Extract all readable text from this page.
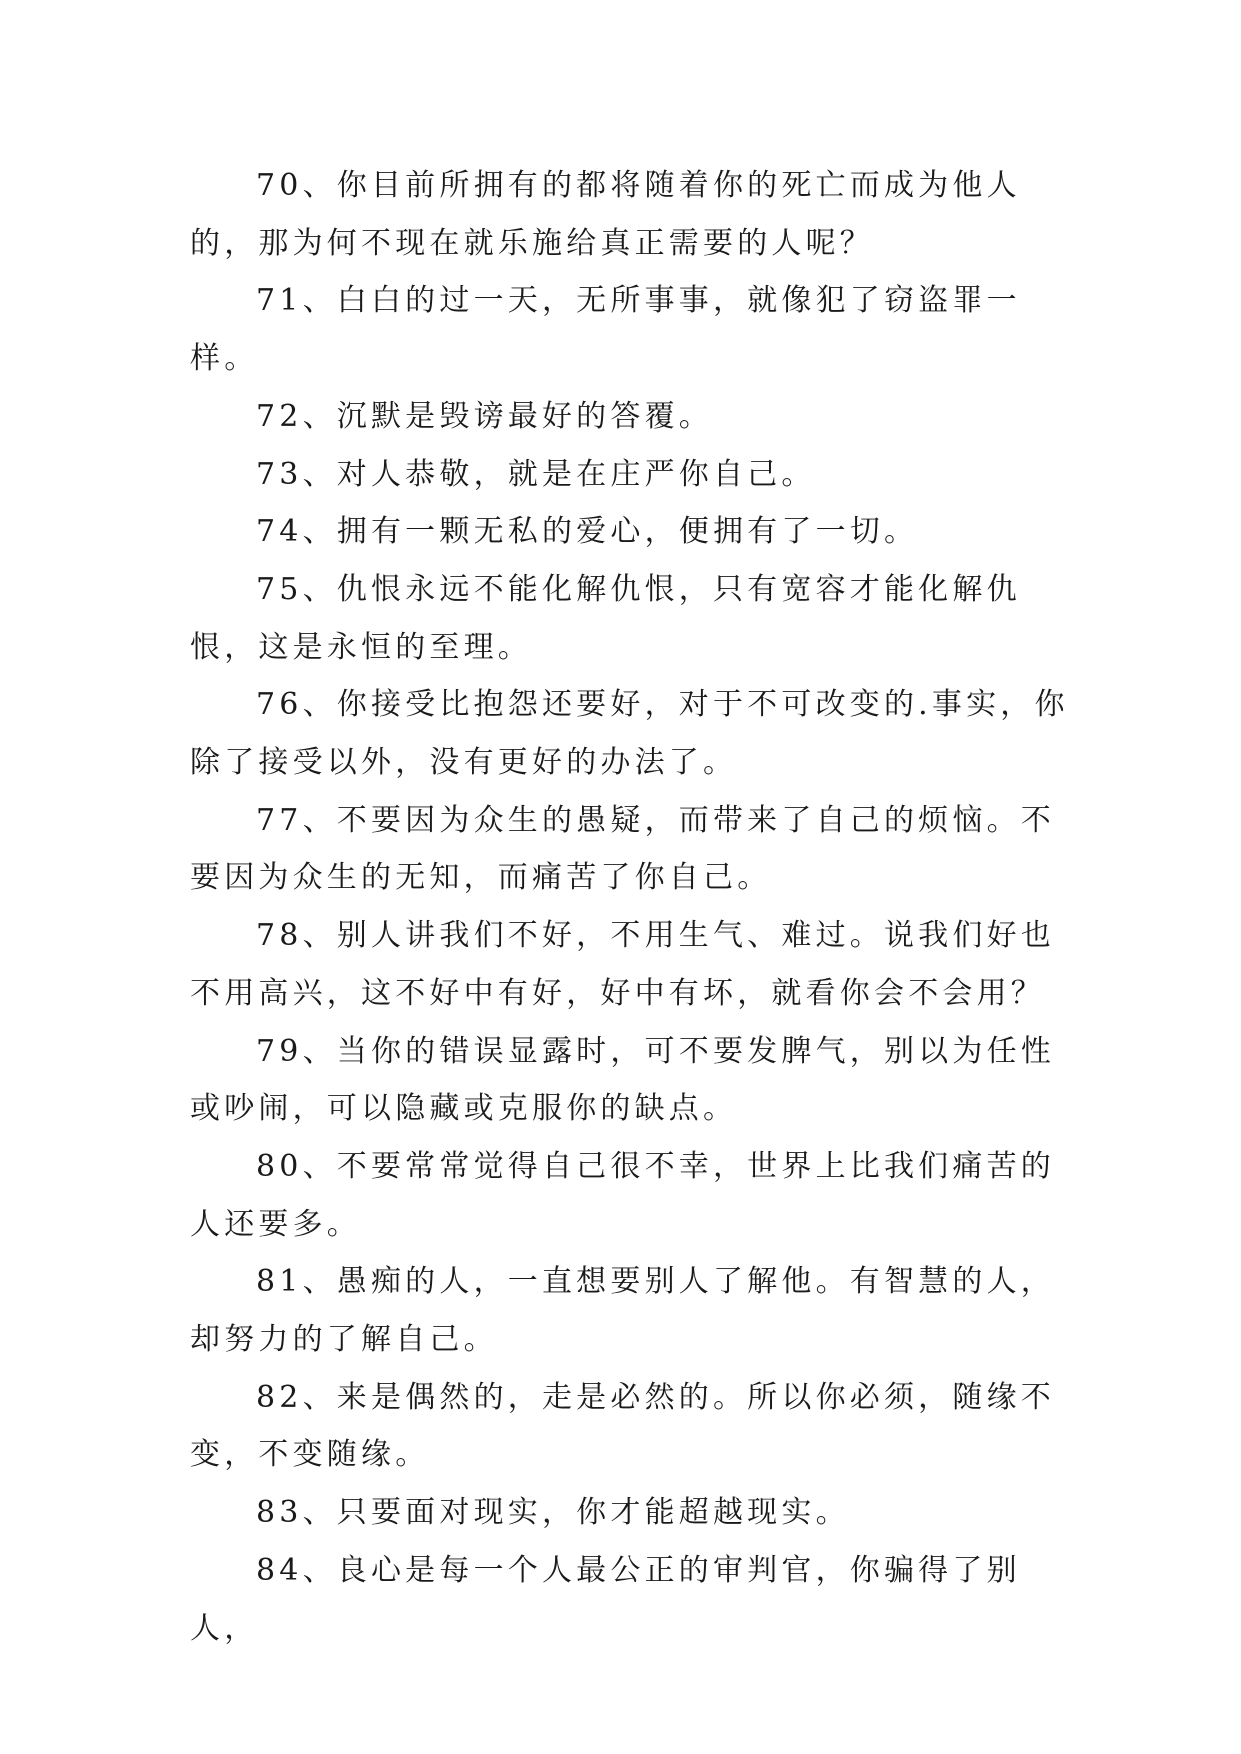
70、你目前所拥有的都将随着你的死亡而成为他人的，那为何不现在就乐施给真正需要的人呢？

71、白白的过一天，无所事事，就像犯了窃盗罪一样。

72、沉默是毁谤最好的答覆。

73、对人恭敬，就是在庄严你自己。

74、拥有一颗无私的爱心，便拥有了一切。

75、仇恨永远不能化解仇恨，只有宽容才能化解仇恨，这是永恒的至理。

76、你接受比抱怨还要好，对于不可改变的.事实，你除了接受以外，没有更好的办法了。

77、不要因为众生的愚疑，而带来了自己的烦恼。不要因为众生的无知，而痛苦了你自己。

78、别人讲我们不好，不用生气、难过。说我们好也不用高兴，这不好中有好，好中有坏，就看你会不会用？

79、当你的错误显露时，可不要发脾气，别以为任性或吵闹，可以隐藏或克服你的缺点。

80、不要常常觉得自己很不幸，世界上比我们痛苦的人还要多。

81、愚痴的人，一直想要别人了解他。有智慧的人，却努力的了解自己。

82、来是偶然的，走是必然的。所以你必须，随缘不变，不变随缘。

83、只要面对现实，你才能超越现实。

84、良心是每一个人最公正的审判官，你骗得了别人，
